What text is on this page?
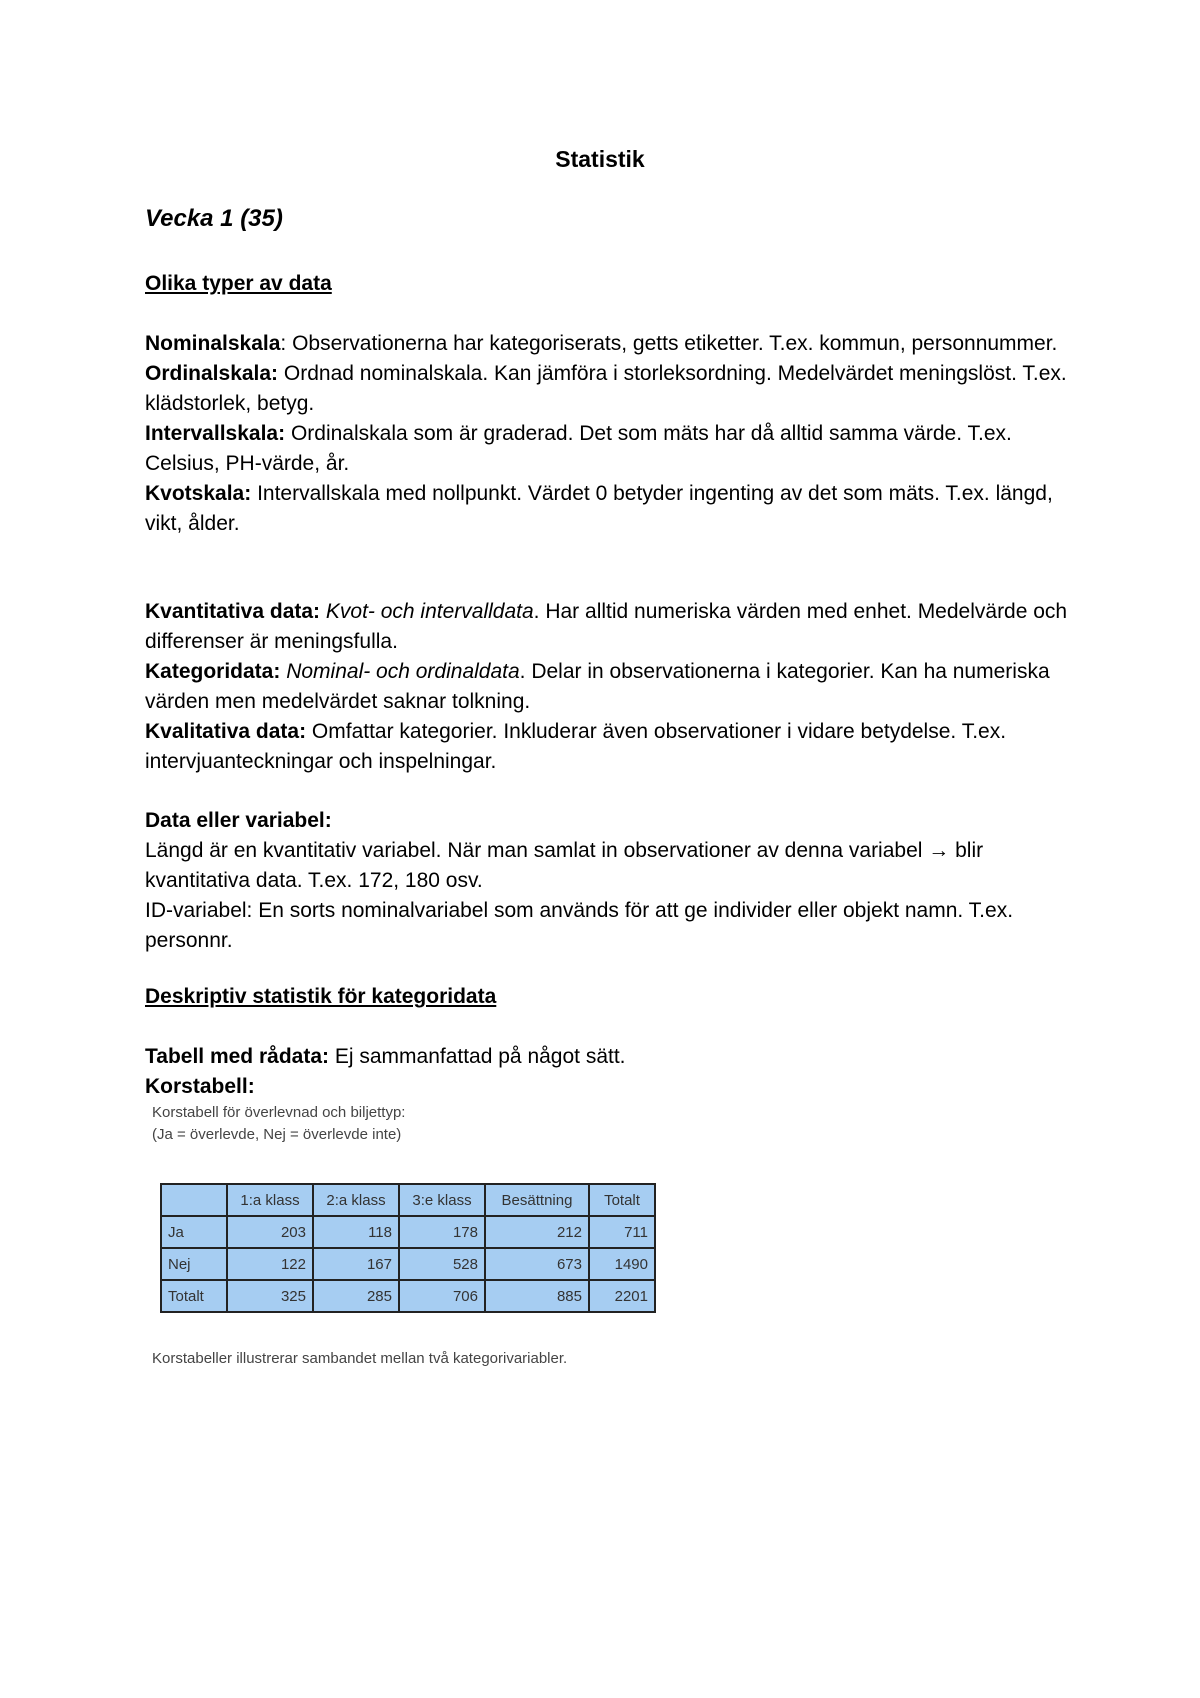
Statistik
Vecka 1 (35)
Olika typer av data

Nominalskala: Observationerna har kategoriserats, getts etiketter. T.ex. kommun, personnummer.

Ordinalskala: Ordnad nominalskala. Kan jämföra i storleksordning. Medelvärdet meningslöst. T.ex. klädstorlek, betyg.

Intervallskala: Ordinalskala som är graderad. Det som mäts har då alltid samma värde. T.ex. Celsius, PH-värde, år.

Kvotskala: Intervallskala med nollpunkt. Värdet 0 betyder ingenting av det som mäts. T.ex. längd, vikt, ålder.

Kvantitativa data: Kvot- och intervalldata. Har alltid numeriska värden med enhet. Medelvärde och differenser är meningsfulla.

Kategoridata: Nominal- och ordinaldata. Delar in observationerna i kategorier. Kan ha numeriska värden men medelvärdet saknar tolkning.

Kvalitativa data: Omfattar kategorier. Inkluderar även observationer i vidare betydelse. T.ex. intervjuanteckningar och inspelningar.

Data eller variabel:

Längd är en kvantitativ variabel. När man samlat in observationer av denna variabel → blir kvantitativa data. T.ex. 172, 180 osv.

ID-variabel: En sorts nominalvariabel som används för att ge individer eller objekt namn. T.ex. personnr.

Deskriptiv statistik för kategoridata

Tabell med rådata: Ej sammanfattad på något sätt.

Korstabell:

Korstabell för överlevnad och biljettyp:

(Ja = överlevde, Nej = överlevde inte)

	1:a klass	2:a klass	3:e klass	Besättning	Totalt
Ja	203	118	178	212	711
Nej	122	167	528	673	1490
Totalt	325	285	706	885	2201
Korstabeller illustrerar sambandet mellan två kategorivariabler.
